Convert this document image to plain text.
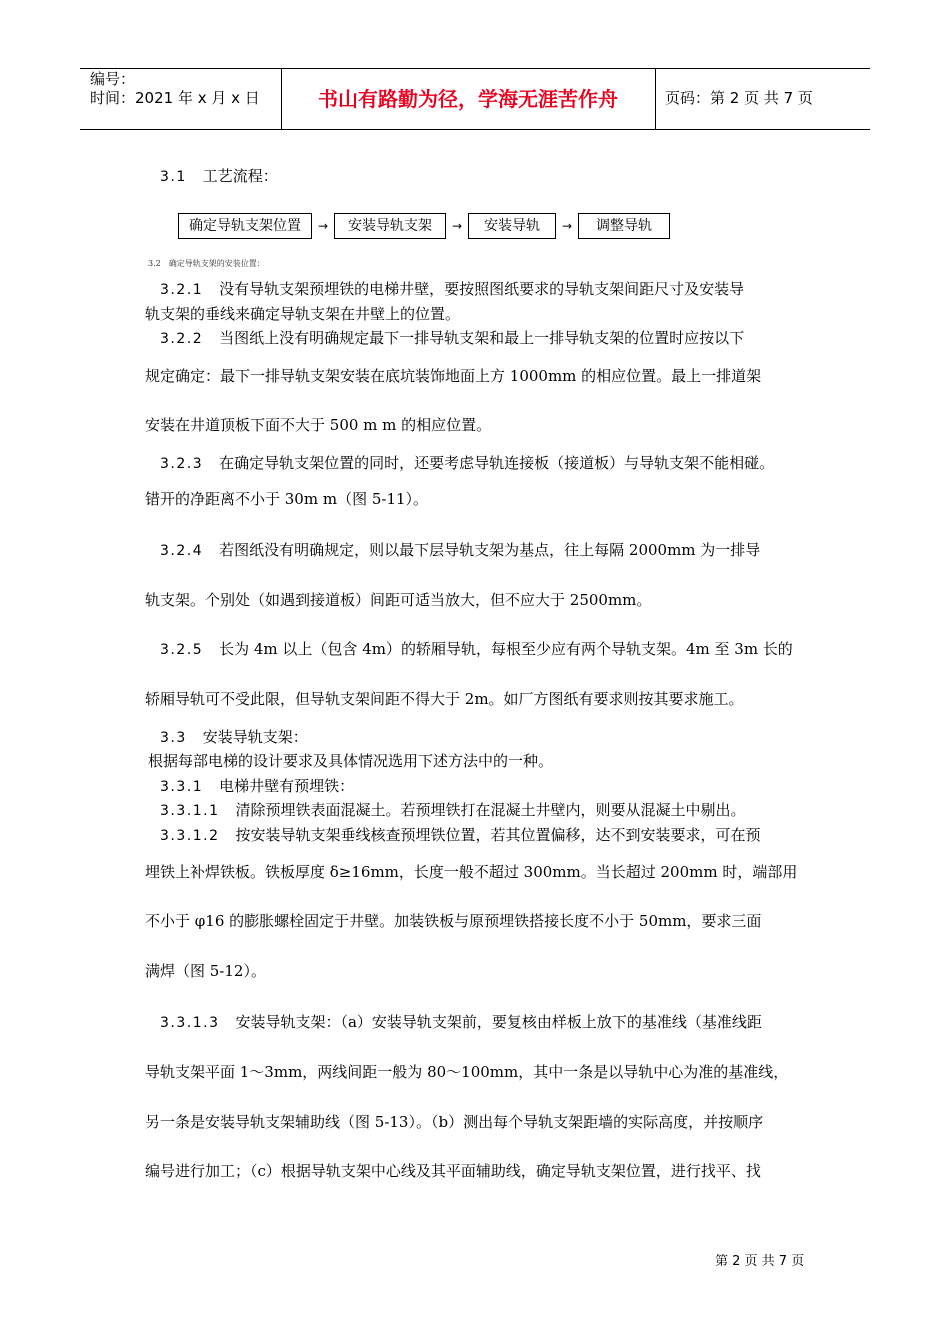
编号：
时间：2021 年 x 月 x 日	书山有路勤为径，学海无涯苦作舟	页码：第 2 页 共 7 页
3.1 工艺流程：
确定导轨支架位置	→	安装导轨支架	→	安装导轨	→	调整导轨
3.2　确定导轨支架的安装位置：
3.2.1 没有导轨支架预埋铁的电梯井壁，要按照图纸要求的导轨支架间距尺寸及安装导
轨支架的垂线来确定导轨支架在井壁上的位置。
3.2.2 当图纸上没有明确规定最下一排导轨支架和最上一排导轨支架的位置时应按以下
规定确定：最下一排导轨支架安装在底坑装饰地面上方 1000mm 的相应位置。最上一排道架
安装在井道顶板下面不大于 500 m m 的相应位置。
3.2.3 在确定导轨支架位置的同时，还要考虑导轨连接板（接道板）与导轨支架不能相碰。
错开的净距离不小于 30m m（图 5-11）。
3.2.4 若图纸没有明确规定，则以最下层导轨支架为基点，往上每隔 2000mm 为一排导
轨支架。个别处（如遇到接道板）间距可适当放大，但不应大于 2500mm。
3.2.5 长为 4m 以上（包含 4m）的轿厢导轨，每根至少应有两个导轨支架。4m 至 3m 长的
轿厢导轨可不受此限，但导轨支架间距不得大于 2m。如厂方图纸有要求则按其要求施工。
3.3 安装导轨支架：
根据每部电梯的设计要求及具体情况选用下述方法中的一种。
3.3.1 电梯井壁有预埋铁：
3.3.1.1 清除预埋铁表面混凝土。若预埋铁打在混凝土井壁内，则要从混凝土中剔出。
3.3.1.2 按安装导轨支架垂线核查预埋铁位置，若其位置偏移，达不到安装要求，可在预
埋铁上补焊铁板。铁板厚度 δ≥16mm，长度一般不超过 300mm。当长超过 200mm 时，端部用
不小于 φ16 的膨胀螺栓固定于井壁。加装铁板与原预埋铁搭接长度不小于 50mm，要求三面
满焊（图 5-12）。
3.3.1.3 安装导轨支架：（a）安装导轨支架前，要复核由样板上放下的基准线（基准线距
导轨支架平面 1～3mm，两线间距一般为 80～100mm，其中一条是以导轨中心为准的基准线，
另一条是安装导轨支架辅助线（图 5-13）。（b）测出每个导轨支架距墙的实际高度，并按顺序
编号进行加工；（c）根据导轨支架中心线及其平面辅助线，确定导轨支架位置，进行找平、找
第 2 页 共 7 页
